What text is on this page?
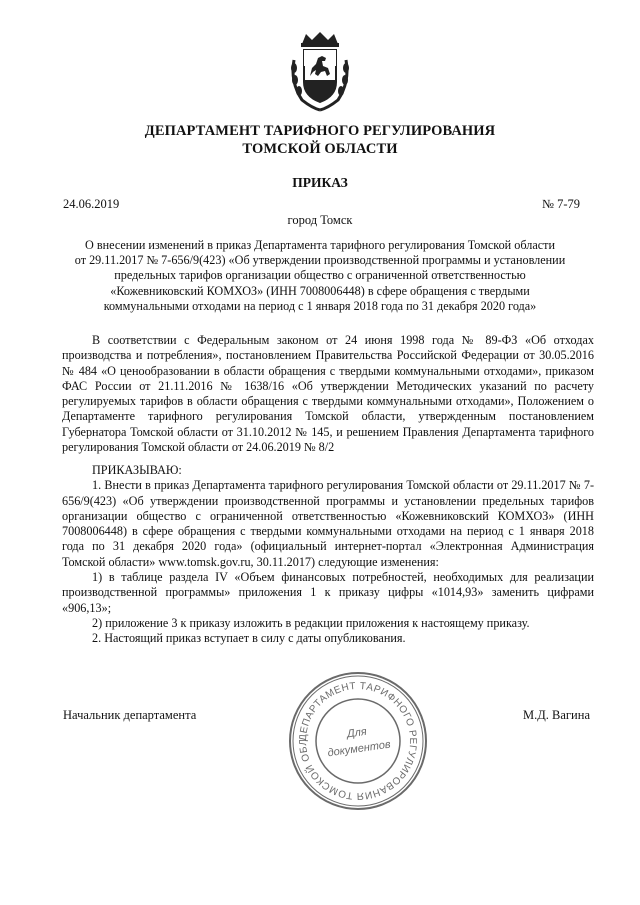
ДЕПАРТАМЕНТ ТАРИФНОГО РЕГУЛИРОВАНИЯ
ТОМСКОЙ ОБЛАСТИ
ПРИКАЗ
24.06.2019	№ 7-79
город Томск
О внесении изменений в приказ Департамента тарифного регулирования Томской области
от 29.11.2017 № 7-656/9(423) «Об утверждении производственной программы и установлении
предельных тарифов организации общество с ограниченной ответственностью
«Кожевниковский КОМХОЗ» (ИНН 7008006448) в сфере обращения с твердыми
коммунальными отходами на период с 1 января 2018 года по 31 декабря 2020 года»

В соответствии с Федеральным законом от 24 июня 1998 года № 89-ФЗ «Об отходах производства и потребления», постановлением Правительства Российской Федерации от 30.05.2016 № 484 «О ценообразовании в области обращения с твердыми коммунальными отходами», приказом ФАС России от 21.11.2016 № 1638/16 «Об утверждении Методических указаний по расчету регулируемых тарифов в области обращения с твердыми коммунальными отходами», Положением о Департаменте тарифного регулирования Томской области, утвержденным постановлением Губернатора Томской области от 31.10.2012 № 145, и решением Правления Департамента тарифного регулирования Томской области от 24.06.2019 № 8/2

ПРИКАЗЫВАЮ:

1. Внести в приказ Департамента тарифного регулирования Томской области от 29.11.2017 № 7-656/9(423) «Об утверждении производственной программы и установлении предельных тарифов организации общество с ограниченной ответственностью «Кожевниковский КОМХОЗ» (ИНН 7008006448) в сфере обращения с твердыми коммунальными отходами на период с 1 января 2018 года по 31 декабря 2020 года» (официальный интернет-портал «Электронная Администрация Томской области» www.tomsk.gov.ru, 30.11.2017) следующие изменения:

1) в таблице раздела IV «Объем финансовых потребностей, необходимых для реализации производственной программы» приложения 1 к приказу цифры «1014,93» заменить цифрами «906,13»;

2) приложение 3 к приказу изложить в редакции приложения к настоящему приказу.

2. Настоящий приказ вступает в силу с даты опубликования.

Начальник департамента	М.Д. Вагина
ДЕПАРТАМЕНТ ТАРИФНОГО РЕГУЛИРОВАНИЯ ТОМСКОЙ ОБЛ
Для
документов
